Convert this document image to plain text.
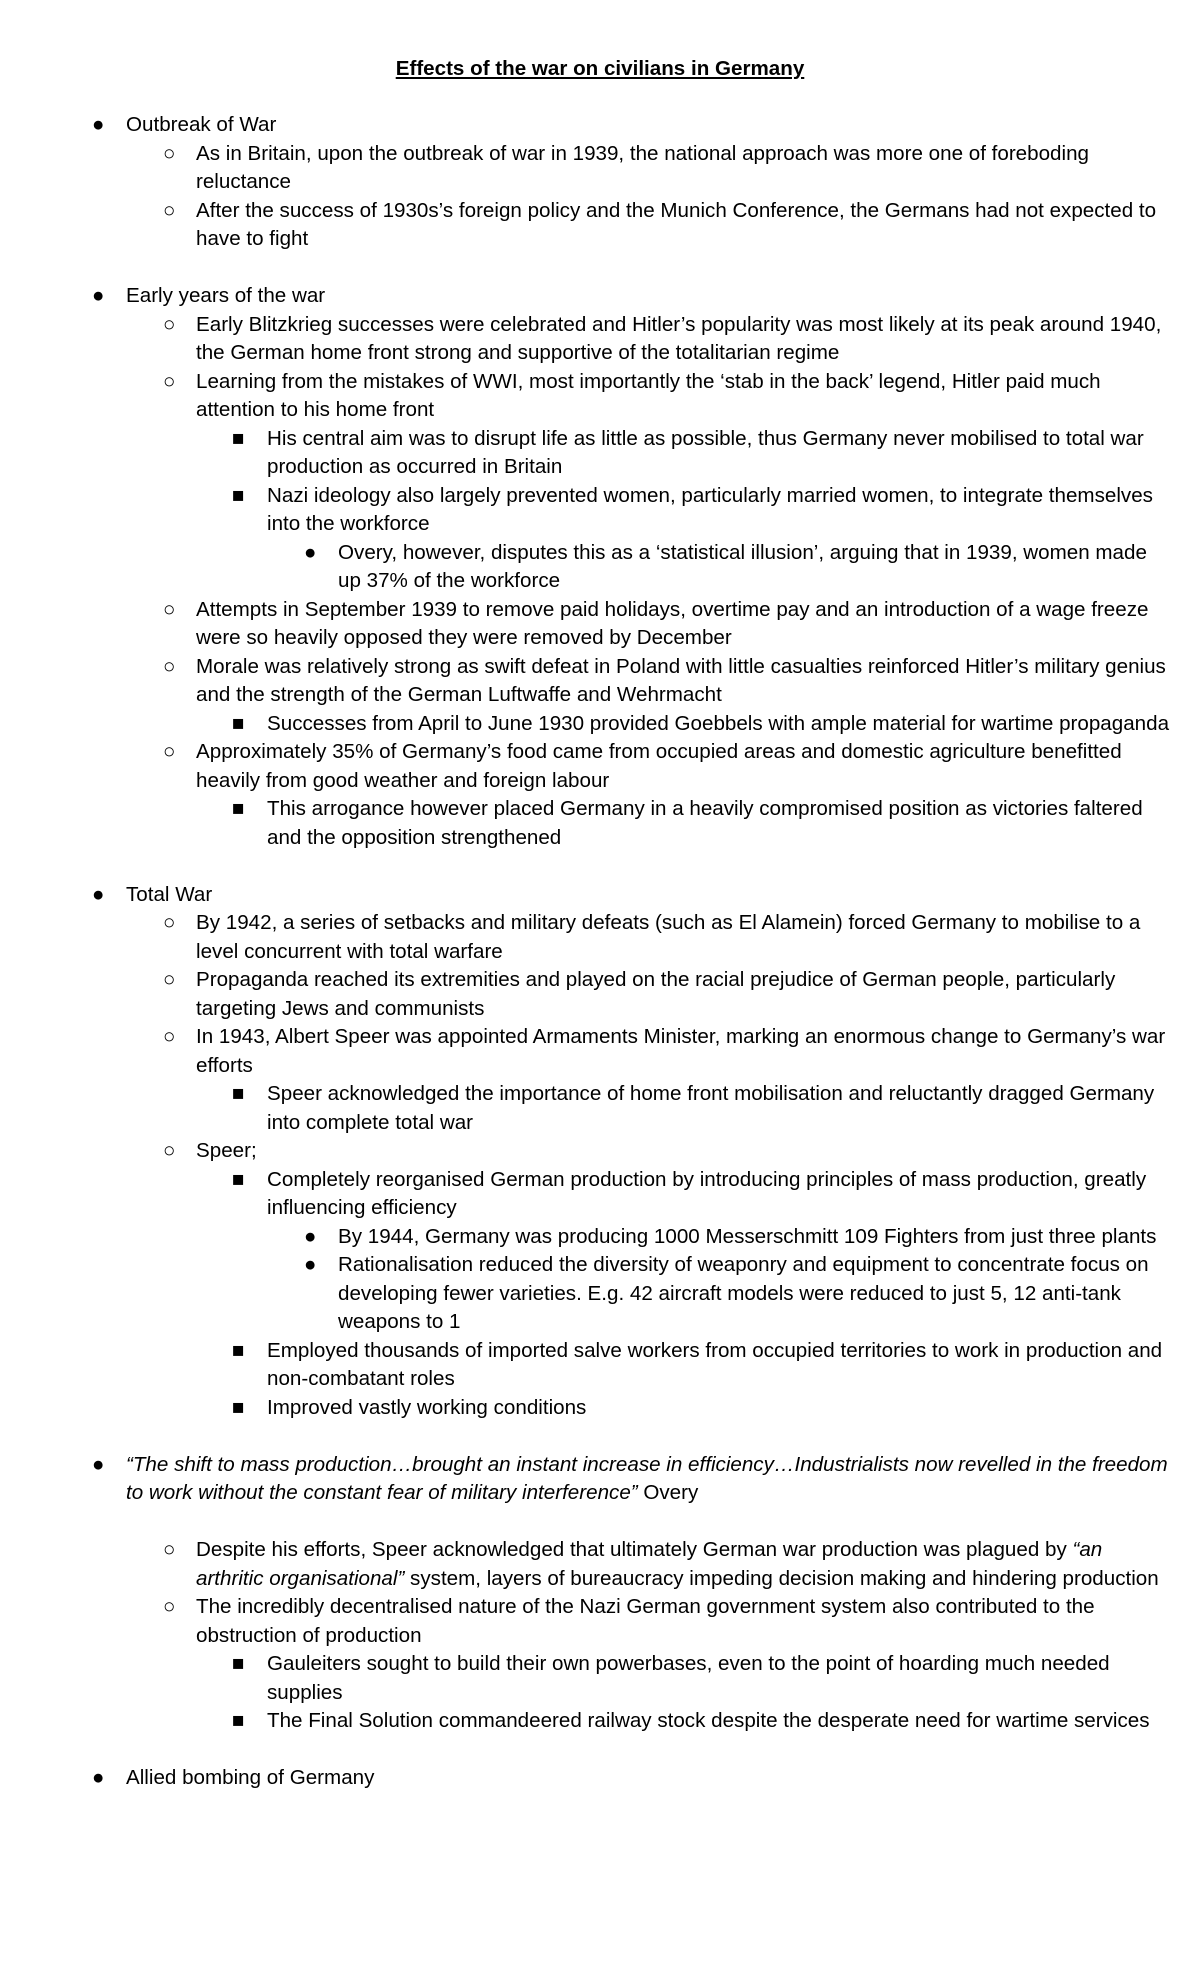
Effects of the war on civilians in Germany
● Outbreak of War
○ As in Britain, upon the outbreak of war in 1939, the national approach was more one of foreboding reluctance
○ After the success of 1930s’s foreign policy and the Munich Conference, the Germans had not expected to have to fight
● Early years of the war
○ Early Blitzkrieg successes were celebrated and Hitler’s popularity was most likely at its peak around 1940, the German home front strong and supportive of the totalitarian regime
○ Learning from the mistakes of WWI, most importantly the ‘stab in the back’ legend, Hitler paid much attention to his home front
■ His central aim was to disrupt life as little as possible, thus Germany never mobilised to total war production as occurred in Britain
■ Nazi ideology also largely prevented women, particularly married women, to integrate themselves into the workforce
● Overy, however, disputes this as a ‘statistical illusion’, arguing that in 1939, women made up 37% of the workforce
○ Attempts in September 1939 to remove paid holidays, overtime pay and an introduction of a wage freeze were so heavily opposed they were removed by December
○ Morale was relatively strong as swift defeat in Poland with little casualties reinforced Hitler’s military genius and the strength of the German Luftwaffe and Wehrmacht
■ Successes from April to June 1930 provided Goebbels with ample material for wartime propaganda
○ Approximately 35% of Germany’s food came from occupied areas and domestic agriculture benefitted heavily from good weather and foreign labour
■ This arrogance however placed Germany in a heavily compromised position as victories faltered and the opposition strengthened
● Total War
○ By 1942, a series of setbacks and military defeats (such as El Alamein) forced Germany to mobilise to a level concurrent with total warfare
○ Propaganda reached its extremities and played on the racial prejudice of German people, particularly targeting Jews and communists
○ In 1943, Albert Speer was appointed Armaments Minister, marking an enormous change to Germany’s war efforts
■ Speer acknowledged the importance of home front mobilisation and reluctantly dragged Germany into complete total war
○ Speer;
■ Completely reorganised German production by introducing principles of mass production, greatly influencing efficiency
● By 1944, Germany was producing 1000 Messerschmitt 109 Fighters from just three plants
● Rationalisation reduced the diversity of weaponry and equipment to concentrate focus on developing fewer varieties. E.g. 42 aircraft models were reduced to just 5, 12 anti-tank weapons to 1
■ Employed thousands of imported salve workers from occupied territories to work in production and non-combatant roles
■ Improved vastly working conditions
● “The shift to mass production…brought an instant increase in efficiency…Industrialists now revelled in the freedom to work without the constant fear of military interference” Overy
○ Despite his efforts, Speer acknowledged that ultimately German war production was plagued by “an arthritic organisational” system, layers of bureaucracy impeding decision making and hindering production
○ The incredibly decentralised nature of the Nazi German government system also contributed to the obstruction of production
■ Gauleiters sought to build their own powerbases, even to the point of hoarding much needed supplies
■ The Final Solution commandeered railway stock despite the desperate need for wartime services
● Allied bombing of Germany
